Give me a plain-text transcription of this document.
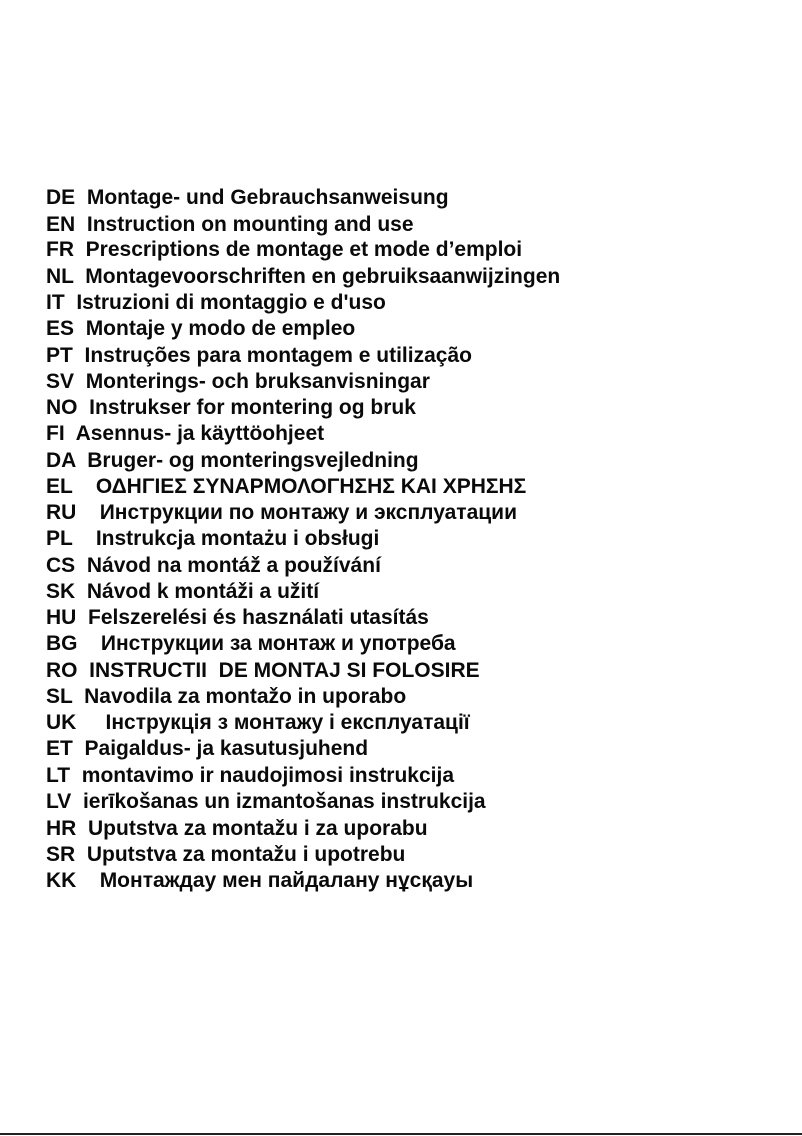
DE Montage- und Gebrauchsanweisung
EN Instruction on mounting and use
FR Prescriptions de montage et mode d’emploi
NL Montagevoorschriften en gebruiksaanwijzingen
IT Istruzioni di montaggio e d'uso
ES Montaje y modo de empleo
PT Instruções para montagem e utilização
SV Monterings- och bruksanvisningar
NO Instrukser for montering og bruk
FI Asennus- ja käyttöohjeet
DA Bruger- og monteringsvejledning
EL ΟΔΗΓΙΕΣ ΣΥΝΑΡΜΟΛΟΓΗΣΗΣ ΚΑΙ ΧΡΗΣΗΣ
RU Инструкции по монтажу и эксплуатации
PL Instrukcja montażu i obsługi
CS Návod na montáž a používání
SK Návod k montáži a užití
HU Felszerelési és használati utasítás
BG Инструкции за монтаж и употреба
RO INSTRUCTII  DE MONTAJ SI FOLOSIRE
SL Navodila za montažo in uporabo
UK Інструкція з монтажу і експлуатації
ET Paigaldus- ja kasutusjuhend
LT montavimo ir naudojimosi instrukcija
LV ierīkošanas un izmantošanas instrukcija
HR Uputstva za montažu i za uporabu
SR Uputstva za montažu i upotrebu
KK Монтаждау мен пайдалану нұсқауы
